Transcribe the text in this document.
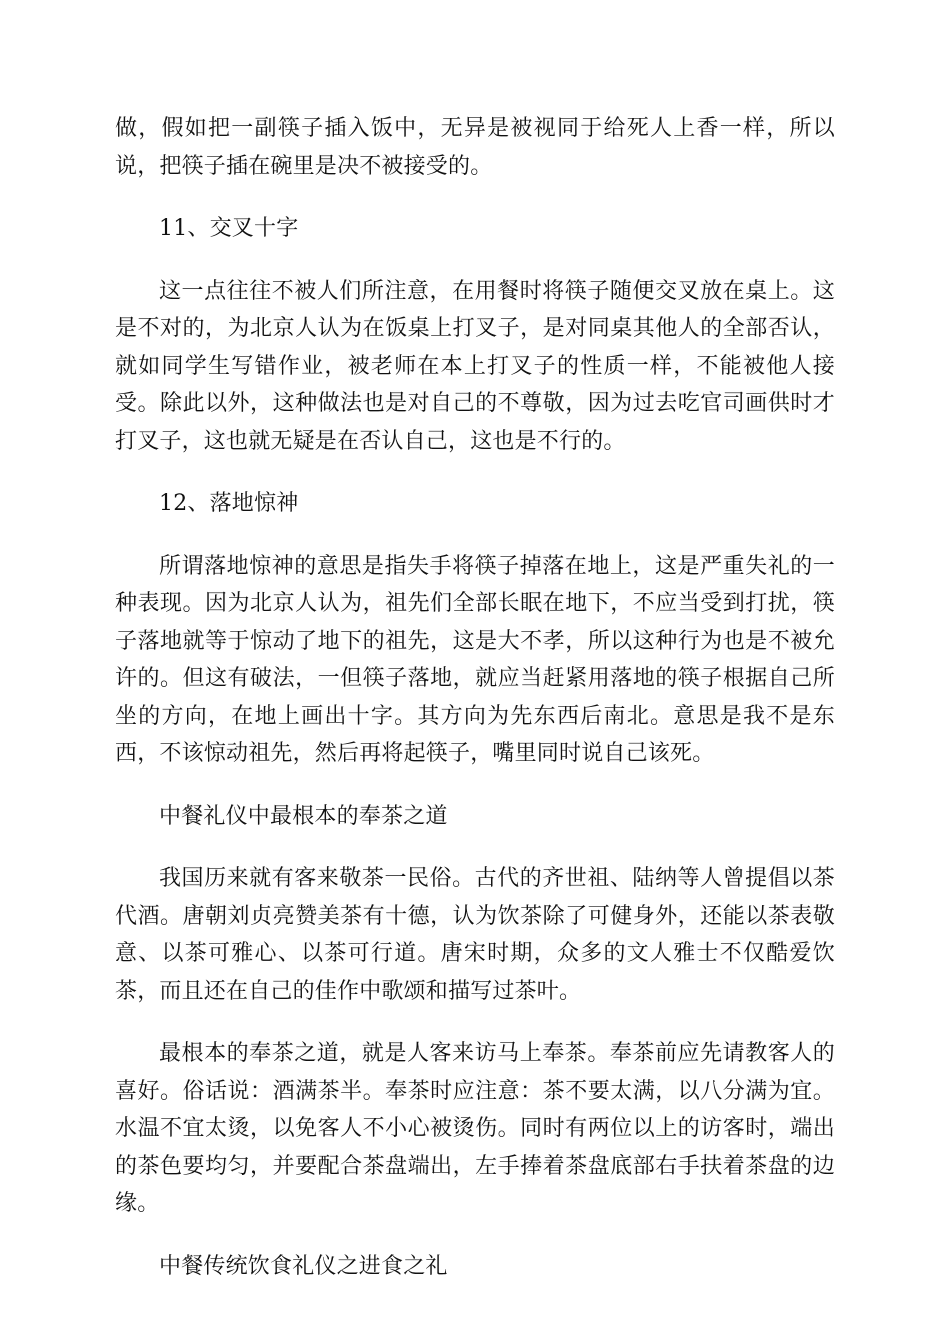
做，假如把一副筷子插入饭中，无异是被视同于给死人上香一样，所以说，把筷子插在碗里是决不被接受的。

11、交叉十字

这一点往往不被人们所注意，在用餐时将筷子随便交叉放在桌上。这是不对的，为北京人认为在饭桌上打叉子，是对同桌其他人的全部否认，就如同学生写错作业，被老师在本上打叉子的性质一样，不能被他人接受。除此以外，这种做法也是对自己的不尊敬，因为过去吃官司画供时才打叉子，这也就无疑是在否认自己，这也是不行的。

12、落地惊神

所谓落地惊神的意思是指失手将筷子掉落在地上，这是严重失礼的一种表现。因为北京人认为，祖先们全部长眠在地下，不应当受到打扰，筷子落地就等于惊动了地下的祖先，这是大不孝，所以这种行为也是不被允许的。但这有破法，一但筷子落地，就应当赶紧用落地的筷子根据自己所坐的方向，在地上画出十字。其方向为先东西后南北。意思是我不是东西，不该惊动祖先，然后再将起筷子，嘴里同时说自己该死。

中餐礼仪中最根本的奉茶之道

我国历来就有客来敬茶一民俗。古代的齐世祖、陆纳等人曾提倡以茶代酒。唐朝刘贞亮赞美茶有十德，认为饮茶除了可健身外，还能以茶表敬意、以茶可雅心、以茶可行道。唐宋时期，众多的文人雅士不仅酷爱饮茶，而且还在自己的佳作中歌颂和描写过茶叶。

最根本的奉茶之道，就是人客来访马上奉茶。奉茶前应先请教客人的喜好。俗话说：酒满茶半。奉茶时应注意：茶不要太满，以八分满为宜。水温不宜太烫，以免客人不小心被烫伤。同时有两位以上的访客时，端出的茶色要均匀，并要配合茶盘端出，左手捧着茶盘底部右手扶着茶盘的边缘。

中餐传统饮食礼仪之进食之礼
